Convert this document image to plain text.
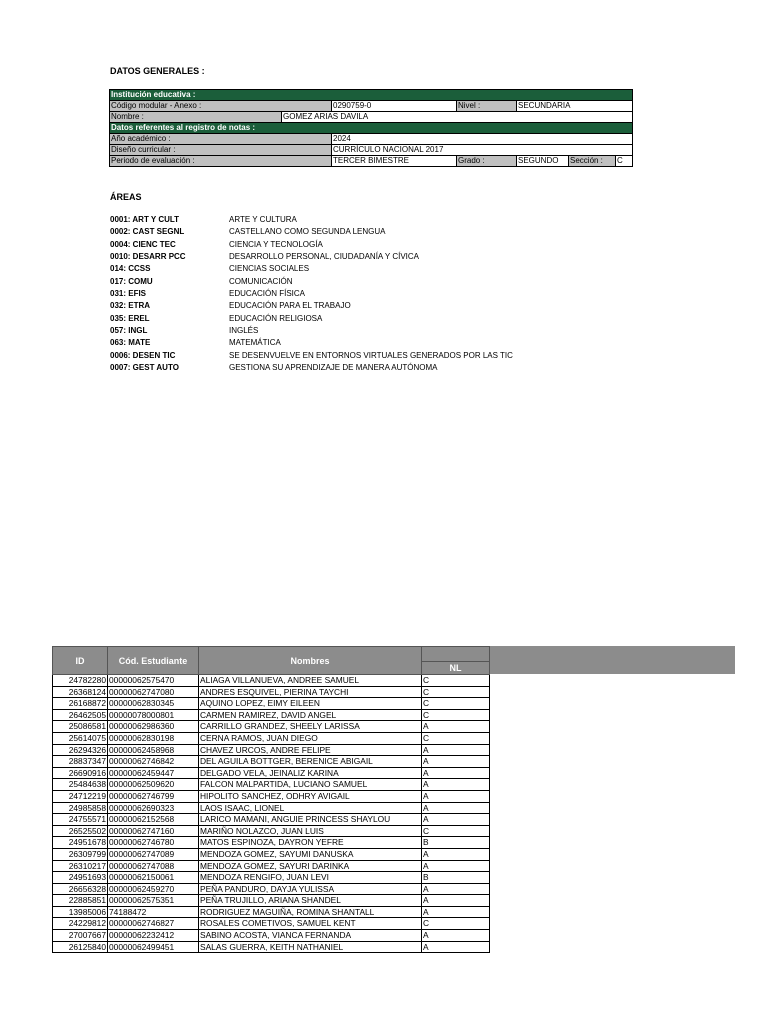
DATOS GENERALES :
Institución educativa :						
Código modular - Anexo :		0290759-0	Nivel :	SECUNDARIA		
Nombre :	GOMEZ ARIAS DAVILA					
Datos referentes al registro de notas :						
Año académico :		2024				
Diseño curricular :		CURRÍCULO NACIONAL 2017				
Periodo de evaluación :		TERCER BIMESTRE	Grado :	SEGUNDO	Sección :	C
ÁREAS
0001: ART Y CULT	ARTE Y CULTURA
0002: CAST SEGNL	CASTELLANO COMO SEGUNDA LENGUA
0004: CIENC TEC	CIENCIA Y TECNOLOGÍA
0010: DESARR PCC	DESARROLLO PERSONAL, CIUDADANÍA Y CÍVICA
014: CCSS	CIENCIAS SOCIALES
017: COMU	COMUNICACIÓN
031: EFIS	EDUCACIÓN FÍSICA
032: ETRA	EDUCACIÓN PARA EL TRABAJO
035: EREL	EDUCACIÓN RELIGIOSA
057: INGL	INGLÉS
063: MATE	MATEMÁTICA
0006: DESEN TIC	SE DESENVUELVE EN ENTORNOS VIRTUALES GENERADOS POR LAS TIC
0007: GEST AUTO	GESTIONA SU APRENDIZAJE DE MANERA AUTÓNOMA
ID	Cód. Estudiante	Nombres	
			NL
24782280	00000062575470	ALIAGA VILLANUEVA, ANDREE SAMUEL	C
26368124	00000062747080	ANDRES ESQUIVEL, PIERINA TAYCHI	C
26168872	00000062830345	AQUINO LOPEZ, EIMY EILEEN	C
26462505	00000078000801	CARMEN RAMIREZ, DAVID ANGEL	C
25086581	00000062986360	CARRILLO GRANDEZ, SHEELY LARISSA	A
25614075	00000062830198	CERNA RAMOS, JUAN DIEGO	C
26294326	00000062458968	CHAVEZ URCOS, ANDRE FELIPE	A
28837347	00000062746842	DEL AGUILA BOTTGER, BERENICE ABIGAIL	A
26690916	00000062459447	DELGADO VELA, JEINALIZ KARINA	A
25484638	00000062509620	FALCON MALPARTIDA, LUCIANO SAMUEL	A
24712219	00000062746799	HIPOLITO SANCHEZ, ODHRY AVIGAIL	A
24985858	00000062690323	LAOS ISAAC, LIONEL	A
24755571	00000062152568	LARICO MAMANI, ANGUIE PRINCESS SHAYLOU	A
26525502	00000062747160	MARIÑO NOLAZCO, JUAN LUIS	C
24951678	00000062746780	MATOS ESPINOZA, DAYRON YEFRE	B
26309799	00000062747089	MENDOZA GOMEZ, SAYUMI DANUSKA	A
26310217	00000062747088	MENDOZA GOMEZ, SAYURI DARINKA	A
24951693	00000062150061	MENDOZA RENGIFO, JUAN LEVI	B
26656328	00000062459270	PEÑA PANDURO, DAYJA YULISSA	A
22885851	00000062575351	PEÑA TRUJILLO, ARIANA SHANDEL	A
13985006	74188472	RODRIGUEZ MAGUIÑA, ROMINA SHANTALL	A
24229812	00000062746827	ROSALES COMETIVOS, SAMUEL KENT	C
27007667	00000062232412	SABINO ACOSTA, VIANCA FERNANDA	A
26125840	00000062499451	SALAS GUERRA, KEITH NATHANIEL	A
